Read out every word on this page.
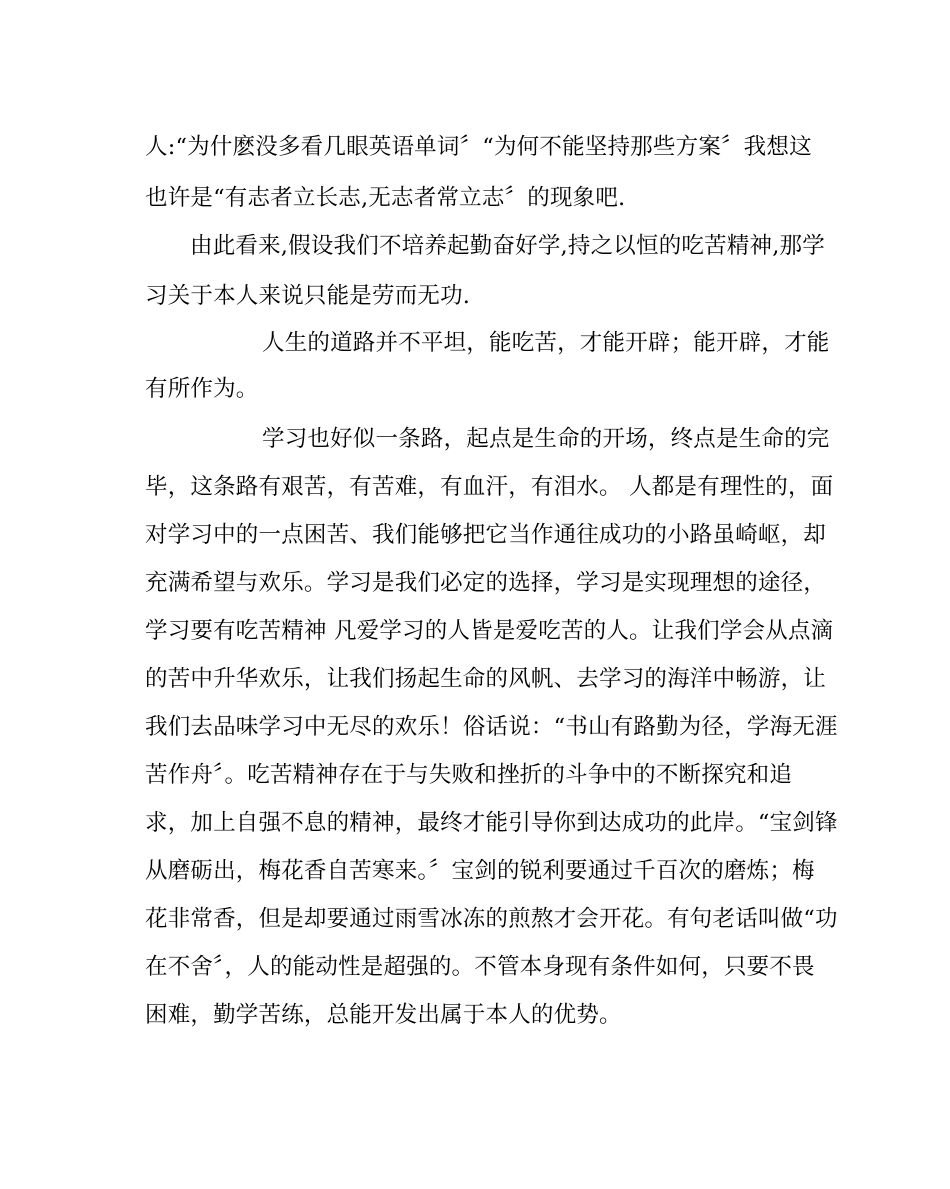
人:“为什麽没多看几眼英语单词〞“为何不能坚持那些方案〞我想这
也许是“有志者立长志,无志者常立志〞的现象吧.
由此看来,假设我们不培养起勤奋好学,持之以恒的吃苦精神,那学
习关于本人来说只能是劳而无功.
人生的道路并不平坦，能吃苦，才能开辟；能开辟，才能
有所作为。
学习也好似一条路，起点是生命的开场，终点是生命的完
毕，这条路有艰苦，有苦难，有血汗，有泪水。 人都是有理性的，面
对学习中的一点困苦、我们能够把它当作通往成功的小路虽崎岖，却
充满希望与欢乐。学习是我们必定的选择，学习是实现理想的途径，
学习要有吃苦精神 凡爱学习的人皆是爱吃苦的人。让我们学会从点滴
的苦中升华欢乐，让我们扬起生命的风帆、去学习的海洋中畅游，让
我们去品味学习中无尽的欢乐！俗话说：“书山有路勤为径，学海无涯
苦作舟〞。吃苦精神存在于与失败和挫折的斗争中的不断探究和追
求，加上自强不息的精神，最终才能引导你到达成功的此岸。“宝剑锋
从磨砺出，梅花香自苦寒来。〞宝剑的锐利要通过千百次的磨炼；梅
花非常香，但是却要通过雨雪冰冻的煎熬才会开花。有句老话叫做“功
在不舍〞，人的能动性是超强的。不管本身现有条件如何，只要不畏
困难，勤学苦练，总能开发出属于本人的优势。
